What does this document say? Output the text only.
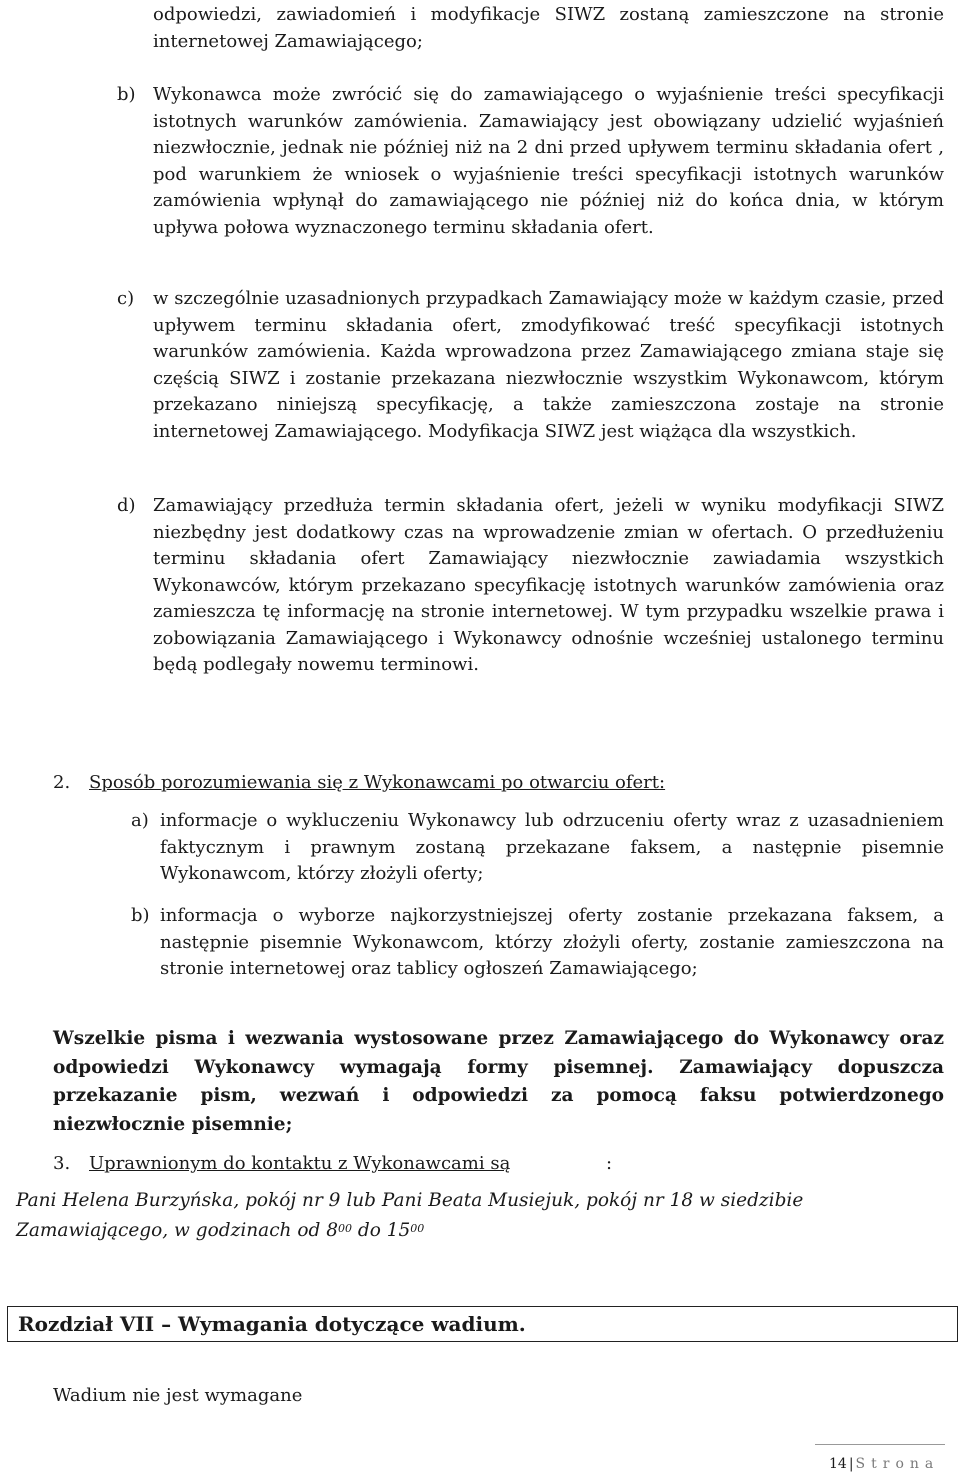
odpowiedzi, zawiadomień i modyfikacje SIWZ zostaną zamieszczone na stronie internetowej Zamawiającego;
b) Wykonawca może zwrócić się do zamawiającego o wyjaśnienie treści specyfikacji istotnych warunków zamówienia. Zamawiający jest obowiązany udzielić wyjaśnień niezwłocznie, jednak nie później niż na 2 dni przed upływem terminu składania ofert , pod warunkiem że wniosek o wyjaśnienie treści specyfikacji istotnych warunków zamówienia wpłynął do zamawiającego nie później niż do końca dnia, w którym upływa połowa wyznaczonego terminu składania ofert.
c) w szczególnie uzasadnionych przypadkach Zamawiający może w każdym czasie, przed upływem terminu składania ofert, zmodyfikować treść specyfikacji istotnych warunków zamówienia. Każda wprowadzona przez Zamawiającego zmiana staje się częścią SIWZ i zostanie przekazana niezwłocznie wszystkim Wykonawcom, którym przekazano niniejszą specyfikację, a także zamieszczona zostaje na stronie internetowej Zamawiającego. Modyfikacja SIWZ jest wiążąca dla wszystkich.
d) Zamawiający przedłuża termin składania ofert, jeżeli w wyniku modyfikacji SIWZ niezbędny jest dodatkowy czas na wprowadzenie zmian w ofertach. O przedłużeniu terminu składania ofert Zamawiający niezwłocznie zawiadamia wszystkich Wykonawców, którym przekazano specyfikację istotnych warunków zamówienia oraz zamieszcza tę informację na stronie internetowej. W tym przypadku wszelkie prawa i zobowiązania Zamawiającego i Wykonawcy odnośnie wcześniej ustalonego terminu będą podlegały nowemu terminowi.
2. Sposób porozumiewania się z Wykonawcami po otwarciu ofert:
a) informacje o wykluczeniu Wykonawcy lub odrzuceniu oferty wraz z uzasadnieniem faktycznym i prawnym zostaną przekazane faksem, a następnie pisemnie Wykonawcom, którzy złożyli oferty;
b) informacja o wyborze najkorzystniejszej oferty zostanie przekazana faksem, a następnie pisemnie Wykonawcom, którzy złożyli oferty, zostanie zamieszczona na stronie internetowej oraz tablicy ogłoszeń Zamawiającego;
Wszelkie pisma i wezwania wystosowane przez Zamawiającego do Wykonawcy oraz odpowiedzi Wykonawcy wymagają formy pisemnej. Zamawiający dopuszcza przekazanie pism, wezwań i odpowiedzi za pomocą faksu potwierdzonego niezwłocznie pisemnie;
3. Uprawnionym do kontaktu z Wykonawcami są	:
Pani Helena Burzyńska, pokój nr 9 lub Pani Beata Musiejuk, pokój nr 18 w siedzibie Zamawiającego, w godzinach od $8^{00}$ do $15^{00}$
Rozdział VII – Wymagania dotyczące wadium.
Wadium nie jest wymagane
14 | Strona
